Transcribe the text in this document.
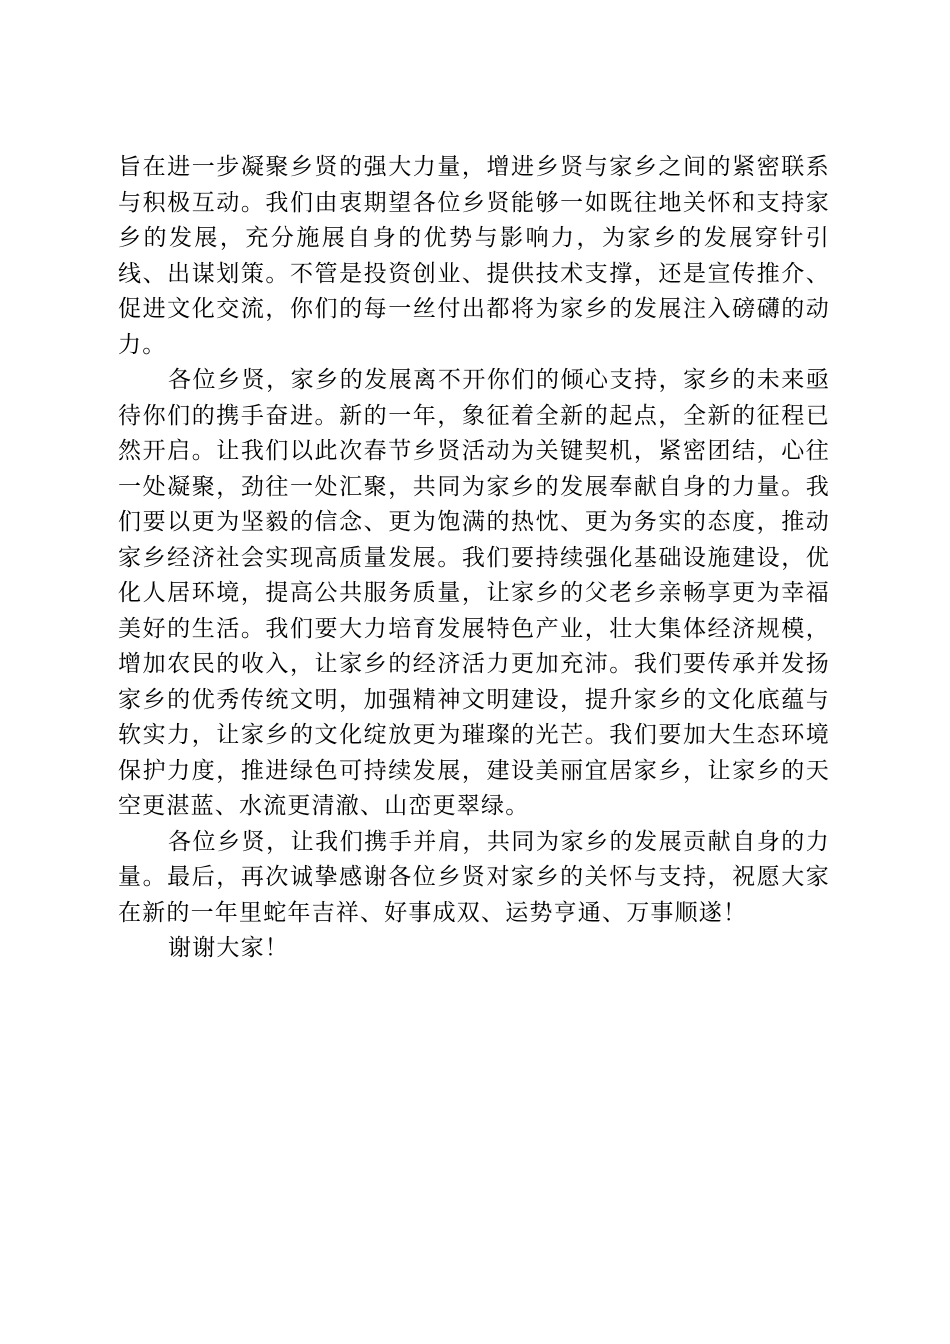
旨在进一步凝聚乡贤的强大力量，增进乡贤与家乡之间的紧密联系与积极互动。我们由衷期望各位乡贤能够一如既往地关怀和支持家乡的发展，充分施展自身的优势与影响力，为家乡的发展穿针引线、出谋划策。不管是投资创业、提供技术支撑，还是宣传推介、促进文化交流，你们的每一丝付出都将为家乡的发展注入磅礴的动力。

各位乡贤，家乡的发展离不开你们的倾心支持，家乡的未来亟待你们的携手奋进。新的一年，象征着全新的起点，全新的征程已然开启。让我们以此次春节乡贤活动为关键契机，紧密团结，心往一处凝聚，劲往一处汇聚，共同为家乡的发展奉献自身的力量。我们要以更为坚毅的信念、更为饱满的热忱、更为务实的态度，推动家乡经济社会实现高质量发展。我们要持续强化基础设施建设，优化人居环境，提高公共服务质量，让家乡的父老乡亲畅享更为幸福美好的生活。我们要大力培育发展特色产业，壮大集体经济规模，增加农民的收入，让家乡的经济活力更加充沛。我们要传承并发扬家乡的优秀传统文明，加强精神文明建设，提升家乡的文化底蕴与软实力，让家乡的文化绽放更为璀璨的光芒。我们要加大生态环境保护力度，推进绿色可持续发展，建设美丽宜居家乡，让家乡的天空更湛蓝、水流更清澈、山峦更翠绿。

各位乡贤，让我们携手并肩，共同为家乡的发展贡献自身的力量。最后，再次诚挚感谢各位乡贤对家乡的关怀与支持，祝愿大家在新的一年里蛇年吉祥、好事成双、运势亨通、万事顺遂！

谢谢大家！
